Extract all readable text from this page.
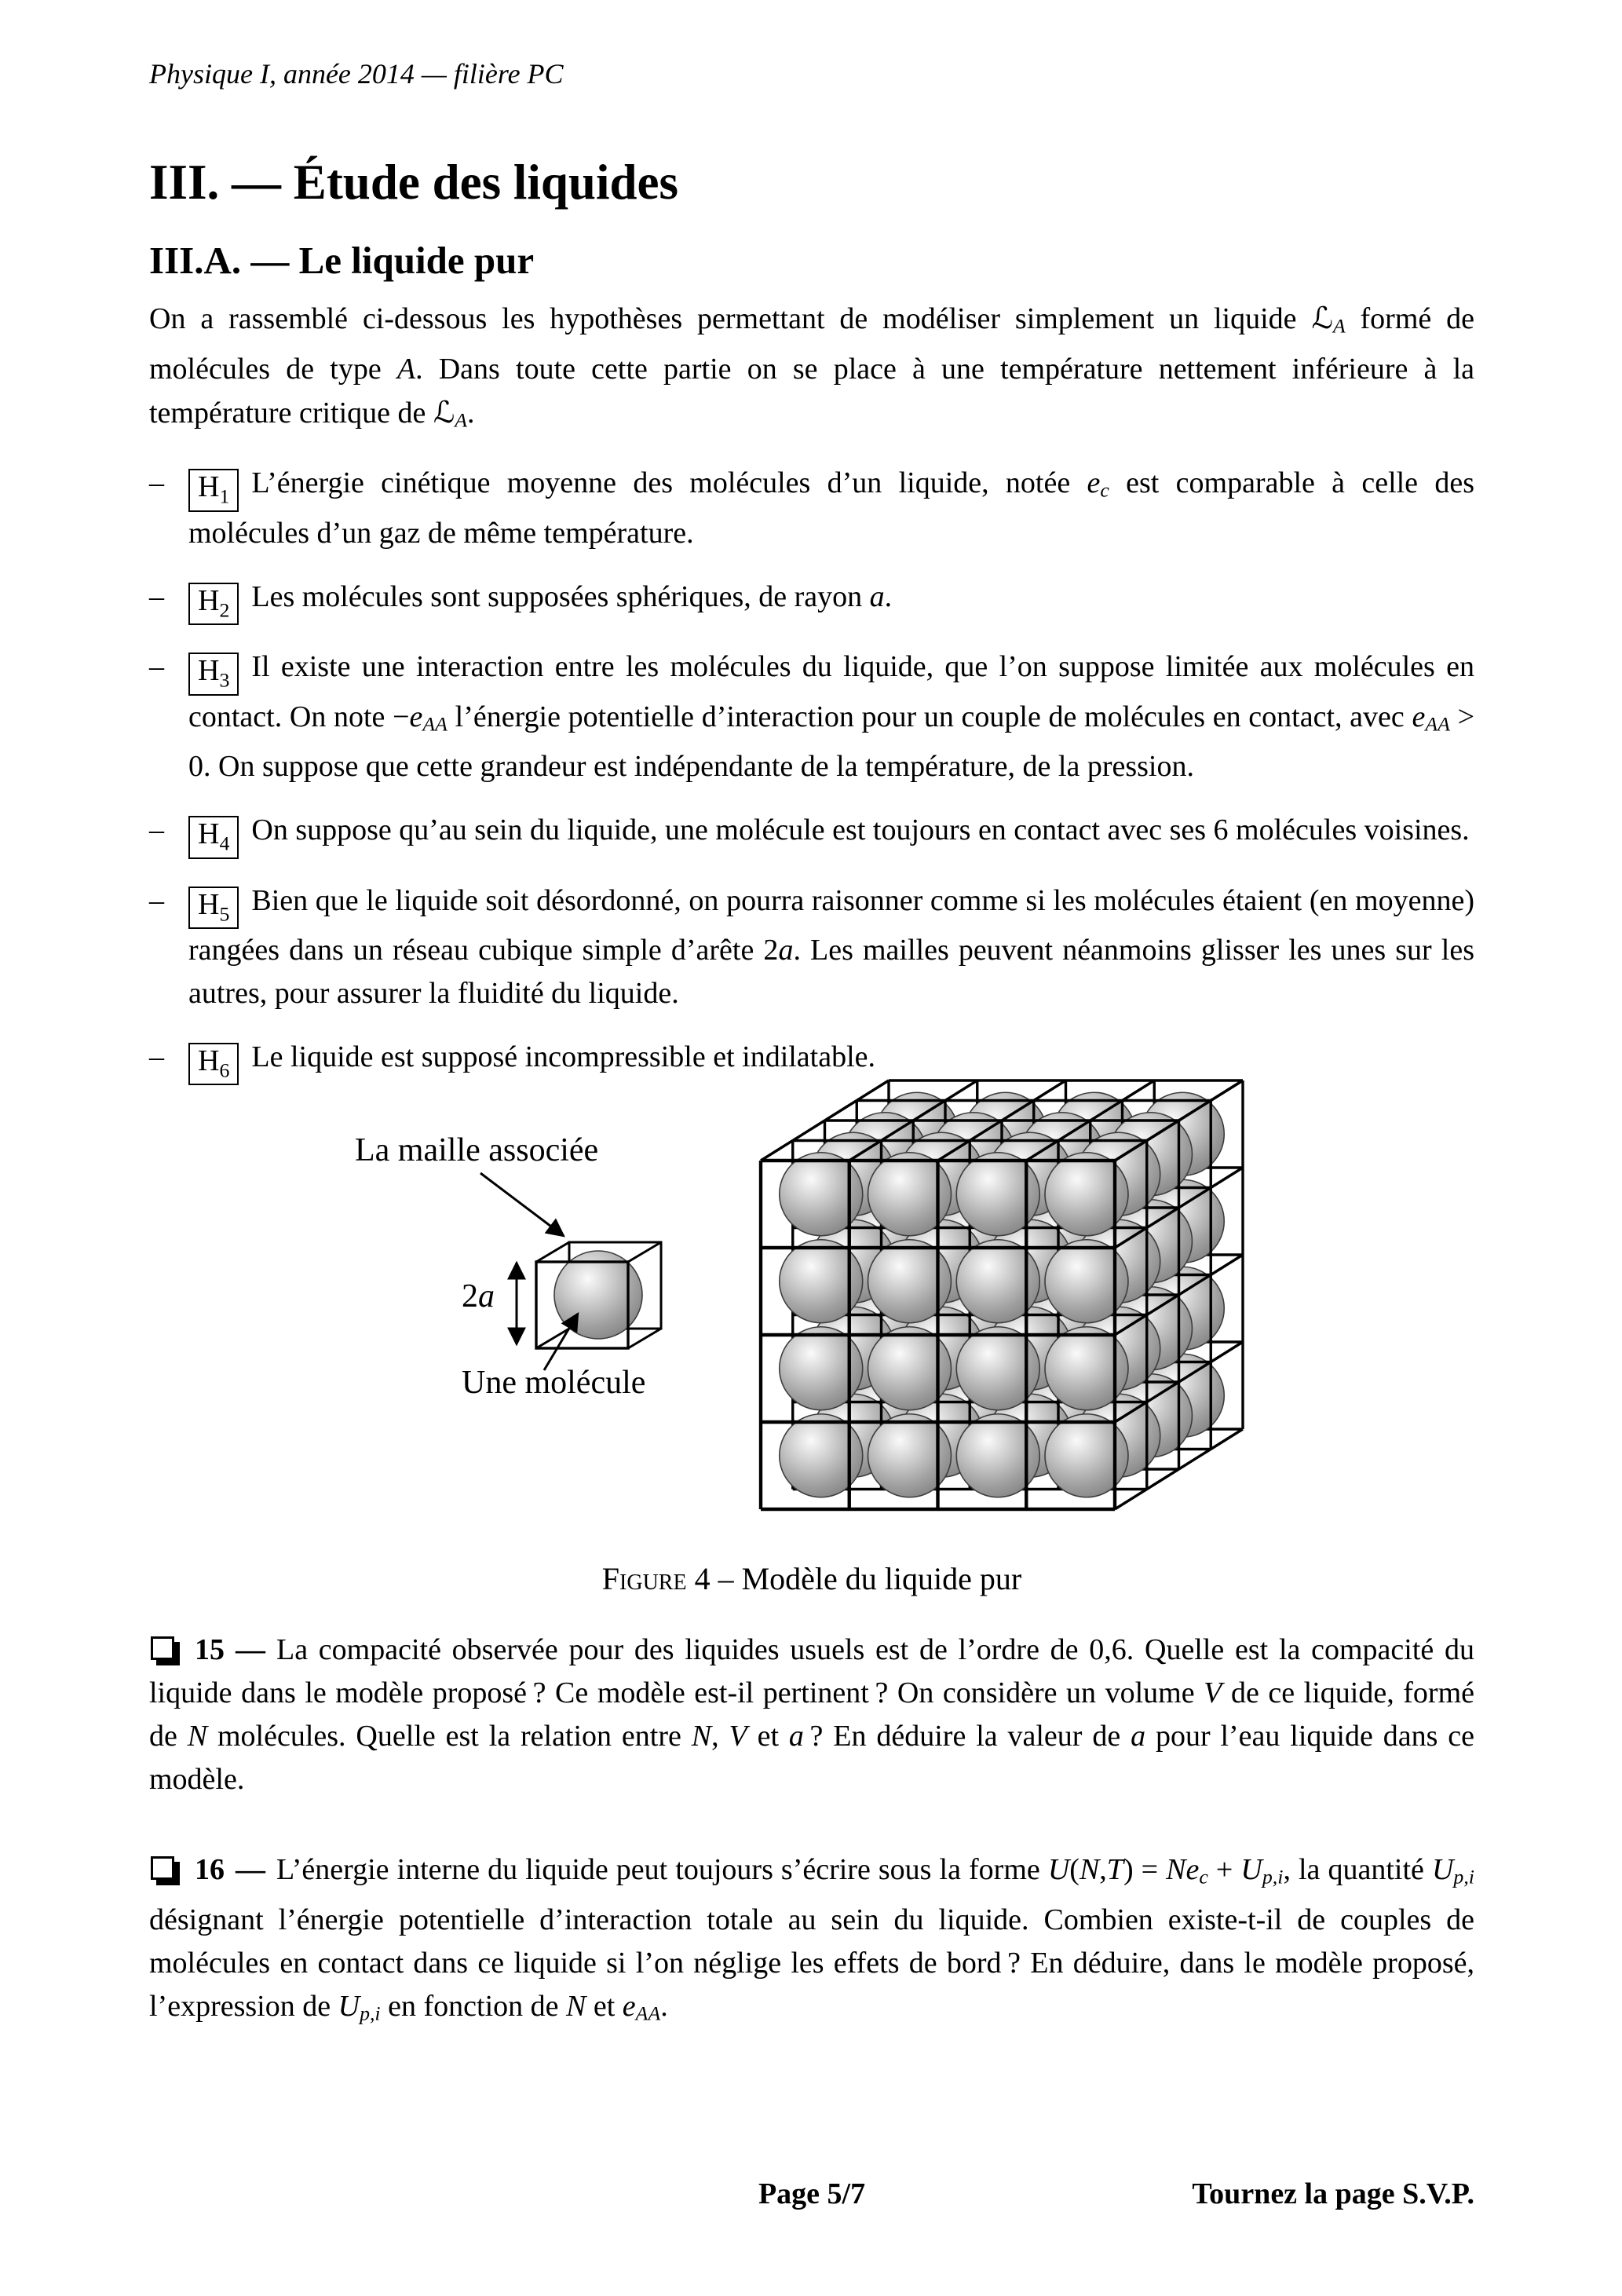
Physique I, année 2014 — filière PC
III. — Étude des liquides
III.A. — Le liquide pur

On a rassemblé ci-dessous les hypothèses permettant de modéliser simplement un liquide ℒA formé de molécules de type A. Dans toute cette partie on se place à une température nettement inférieure à la température critique de ℒA.

– $H_1$ L’énergie cinétique moyenne des molécules d’un liquide, notée ec est comparable à celle des molécules d’un gaz de même température.
– $H_2$ Les molécules sont supposées sphériques, de rayon a.
– $H_3$ Il existe une interaction entre les molécules du liquide, que l’on suppose limitée aux molécules en contact. On note −eAA l’énergie potentielle d’interaction pour un couple de molécules en contact, avec eAA > 0. On suppose que cette grandeur est indépendante de la température, de la pression.
– $H_4$ On suppose qu’au sein du liquide, une molécule est toujours en contact avec ses 6 molécules voisines.
– $H_5$ Bien que le liquide soit désordonné, on pourra raisonner comme si les molécules étaient (en moyenne) rangées dans un réseau cubique simple d’arête 2a. Les mailles peuvent néanmoins glisser les unes sur les autres, pour assurer la fluidité du liquide.
– $H_6$ Le liquide est supposé incompressible et indilatable.
La maille associée
2a
Une molécule
Figure 4 – Modèle du liquide pur

15 — La compacité observée pour des liquides usuels est de l’ordre de 0,6. Quelle est la compacité du liquide dans le modèle proposé ? Ce modèle est-il pertinent ? On considère un volume V de ce liquide, formé de N molécules. Quelle est la relation entre N, V et a ? En déduire la valeur de a pour l’eau liquide dans ce modèle.

16 — L’énergie interne du liquide peut toujours s’écrire sous la forme U(N,T) = Nec + Up,i, la quantité Up,i désignant l’énergie potentielle d’interaction totale au sein du liquide. Combien existe-t-il de couples de molécules en contact dans ce liquide si l’on néglige les effets de bord ? En déduire, dans le modèle proposé, l’expression de Up,i en fonction de N et eAA.

Page 5/7	Tournez la page S.V.P.
